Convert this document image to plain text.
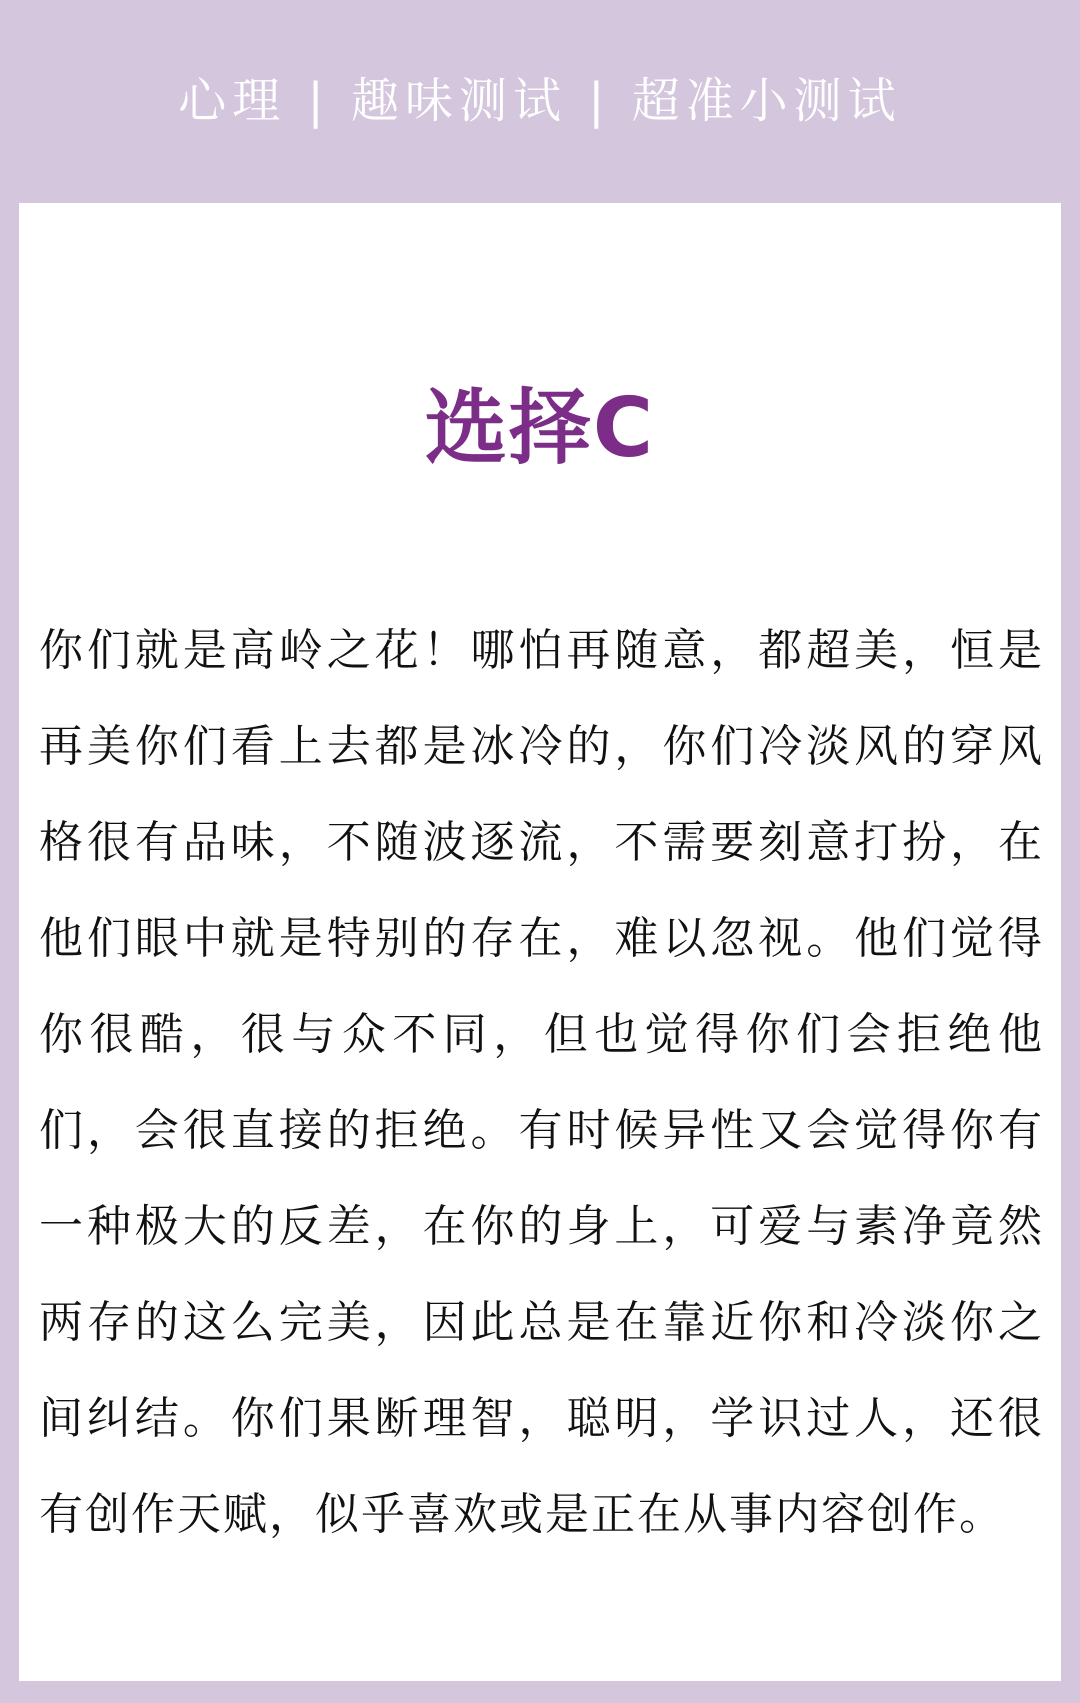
心理 | 趣味测试 | 超准小测试
选择C
你们就是高岭之花！哪怕再随意，都超美，恒是再美你们看上去都是冰冷的，你们冷淡风的穿风格很有品味，不随波逐流，不需要刻意打扮，在他们眼中就是特别的存在，难以忽视。他们觉得你很酷，很与众不同，但也觉得你们会拒绝他们，会很直接的拒绝。有时候异性又会觉得你有一种极大的反差，在你的身上，可爱与素净竟然两存的这么完美，因此总是在靠近你和冷淡你之间纠结。你们果断理智，聪明，学识过人，还很有创作天赋，似乎喜欢或是正在从事内容创作。
